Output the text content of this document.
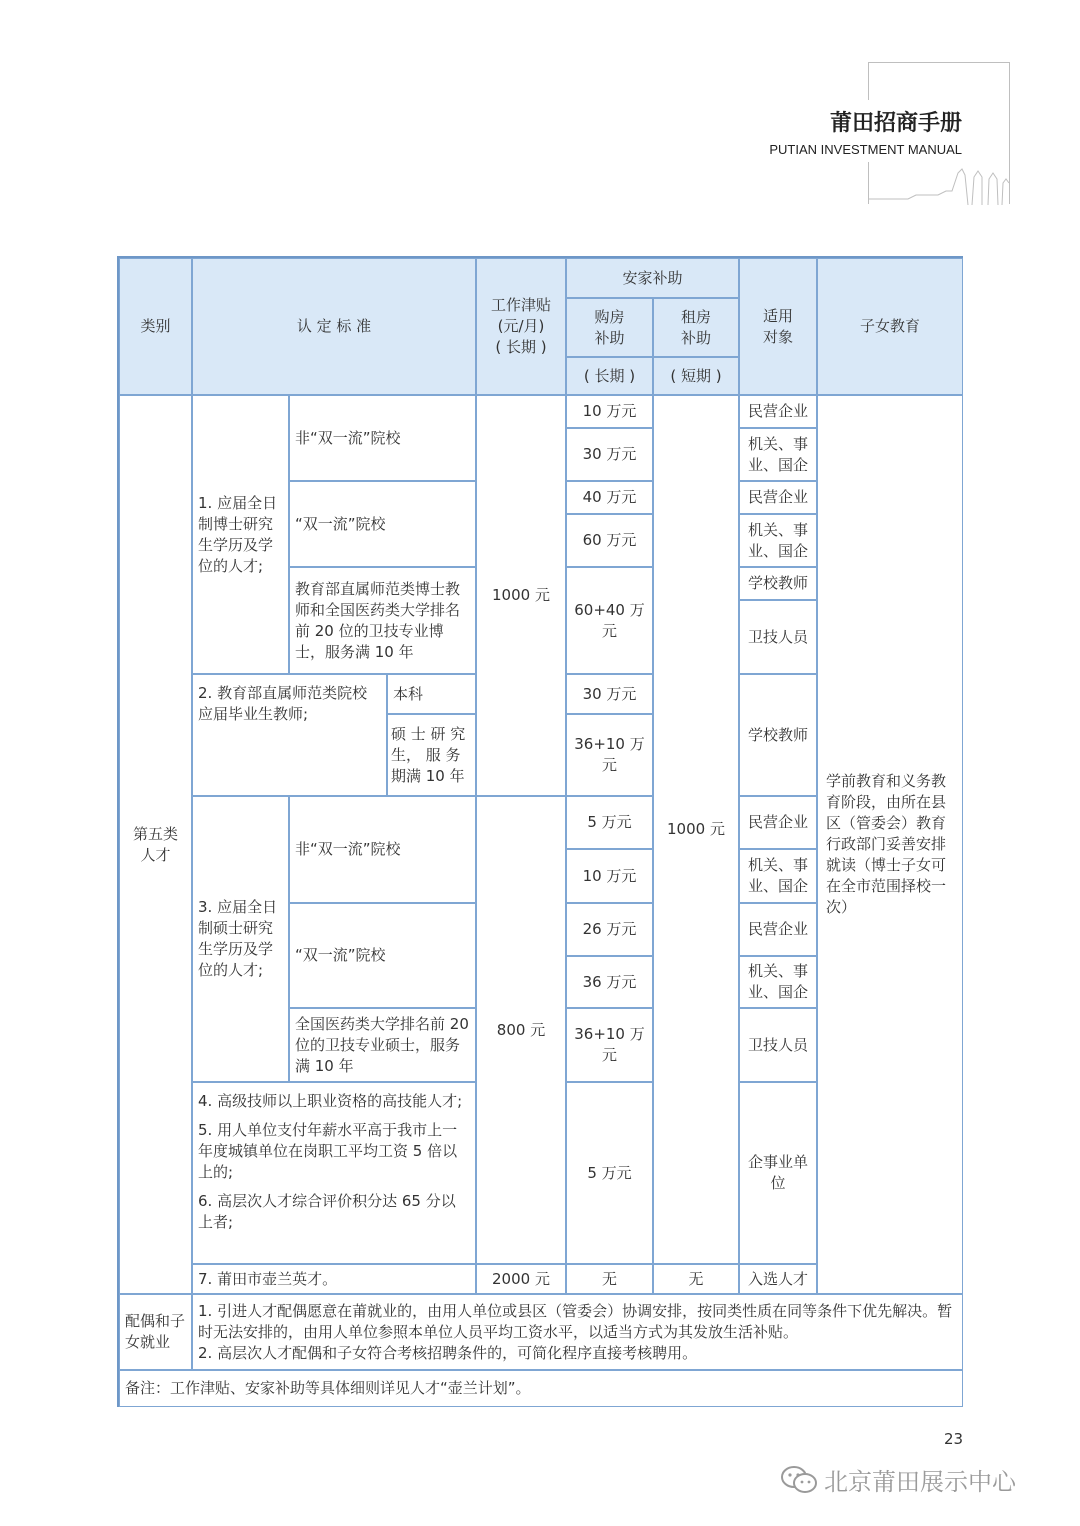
莆田招商手册
PUTIAN INVESTMENT MANUAL
类别	认 定 标 准
工作津贴
(元/月)
( 长期 )
安家补助
购房
补助
租房
补助
( 长期 ) ( 短期 )
适用
对象
子女教育
第五类
人才
1. 应届全日制博士研究生学历及学位的人才;
非“双一流”院校
“双一流”院校
教育部直属师范类博士教师和全国医药类大学排名前 20 位的卫技专业博士，服务满 10 年
2. 教育部直属师范类院校应届毕业生教师;
本科
硕 士 研 究 生， 服 务 期满 10 年
3. 应届全日制硕士研究生学历及学位的人才;
非“双一流”院校
“双一流”院校
全国医药类大学排名前 20 位的卫技专业硕士，服务满 10 年
4. 高级技师以上职业资格的高技能人才;
5. 用人单位支付年薪水平高于我市上一年度城镇单位在岗职工平均工资 5 倍以上的;
6. 高层次人才综合评价积分达 65 分以上者;
7. 莆田市壶兰英才。
1000 元
800 元
2000 元
10 万元
30 万元
40 万元
60 万元
60+40 万元
30 万元
36+10 万元
5 万元
10 万元
26 万元
36 万元
36+10 万元
5 万元
无
1000 元
无
民营企业
机关、事业、国企
民营企业
机关、事业、国企
学校教师
卫技人员
学校教师
民营企业
机关、事业、国企
民营企业
机关、事业、国企
卫技人员
企事业单位
入选人才
学前教育和义务教育阶段，由所在县区（管委会）教育行政部门妥善安排就读（博士子女可在全市范围择校一次）
配偶和子女就业
1. 引进人才配偶愿意在莆就业的，由用人单位或县区（管委会）协调安排，按同类性质在同等条件下优先解决。暂时无法安排的，由用人单位参照本单位人员平均工资水平，以适当方式为其发放生活补贴。
2. 高层次人才配偶和子女符合考核招聘条件的，可简化程序直接考核聘用。
备注：工作津贴、安家补助等具体细则详见人才“壶兰计划”。
23
北京莆田展示中心
